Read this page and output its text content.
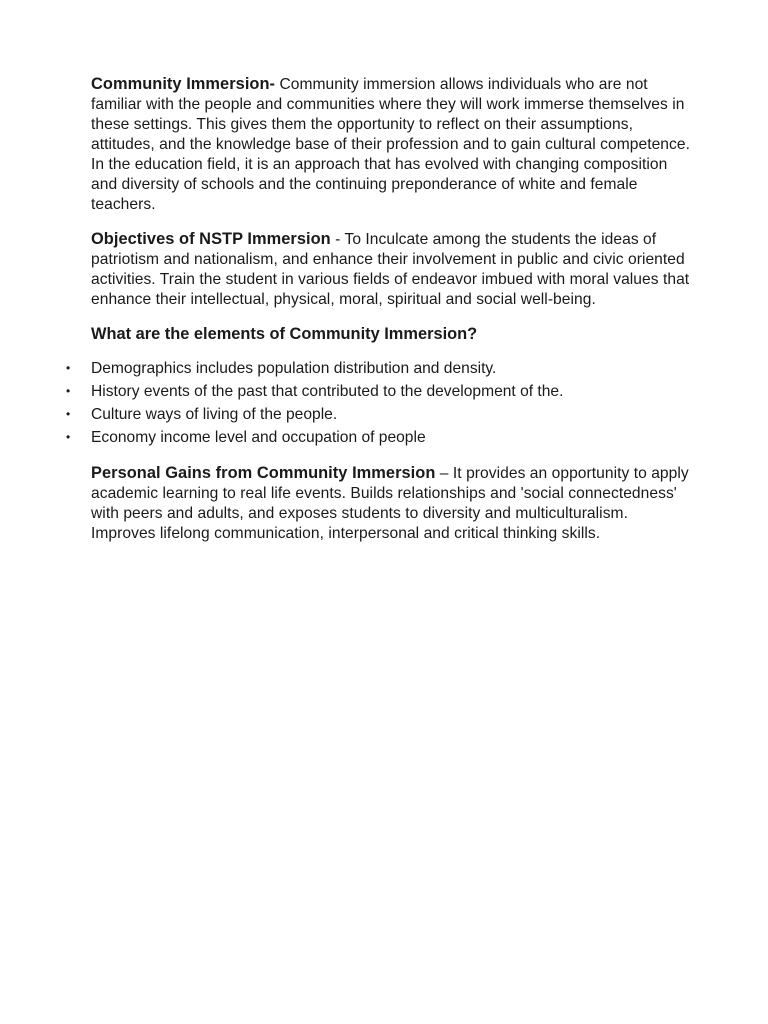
Community Immersion- Community immersion allows individuals who are not familiar with the people and communities where they will work immerse themselves in these settings. This gives them the opportunity to reflect on their assumptions, attitudes, and the knowledge base of their profession and to gain cultural competence. In the education field, it is an approach that has evolved with changing composition and diversity of schools and the continuing preponderance of white and female teachers.

Objectives of NSTP Immersion - To Inculcate among the students the ideas of patriotism and nationalism, and enhance their involvement in public and civic oriented activities. Train the student in various fields of endeavor imbued with moral values that enhance their intellectual, physical, moral, spiritual and social well-being.

What are the elements of Community Immersion?
• Demographics includes population distribution and density.
• History events of the past that contributed to the development of the.
• Culture ways of living of the people.
• Economy income level and occupation of people

Personal Gains from Community Immersion – It provides an opportunity to apply academic learning to real life events. Builds relationships and 'social connectedness' with peers and adults, and exposes students to diversity and multiculturalism. Improves lifelong communication, interpersonal and critical thinking skills.
